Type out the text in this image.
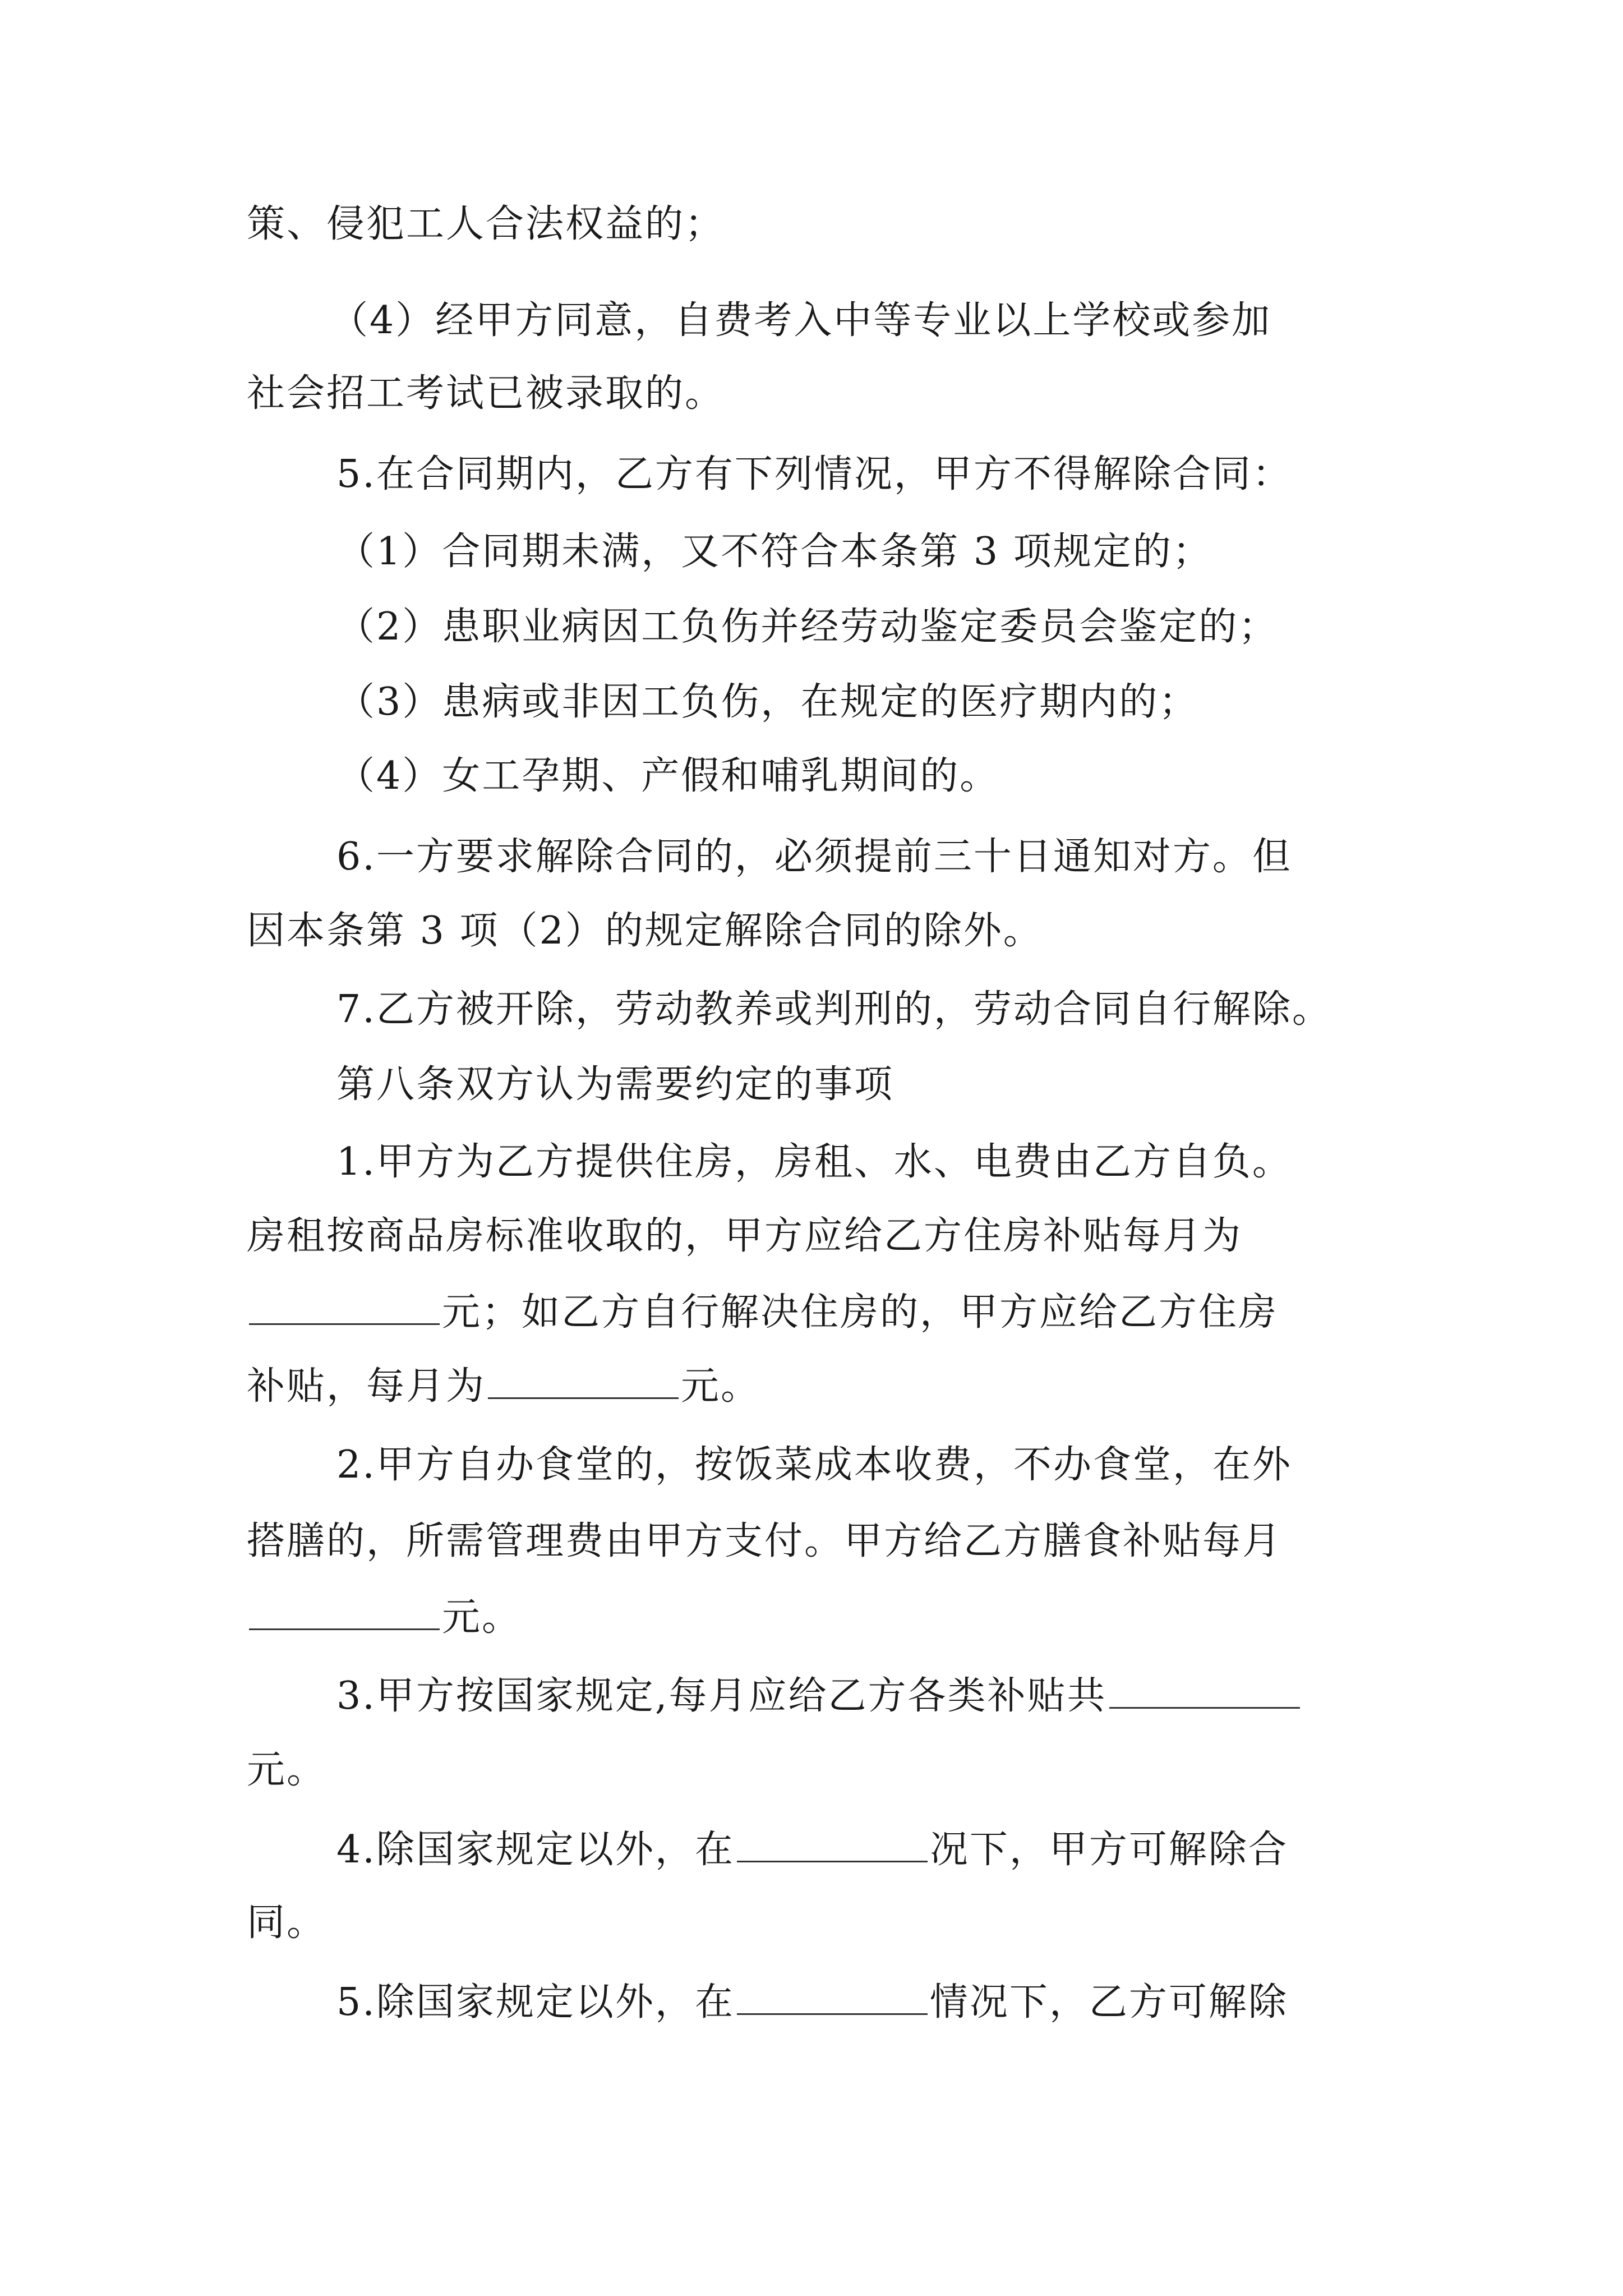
策、侵犯工人合法权益的；

（4）经甲方同意，自费考入中等专业以上学校或参加

社会招工考试已被录取的。

5.在合同期内，乙方有下列情况，甲方不得解除合同：

（1）合同期未满，又不符合本条第 3 项规定的；

（2）患职业病因工负伤并经劳动鉴定委员会鉴定的；

（3）患病或非因工负伤，在规定的医疗期内的；

（4）女工孕期、产假和哺乳期间的。

6.一方要求解除合同的，必须提前三十日通知对方。但

因本条第 3 项（2）的规定解除合同的除外。

7.乙方被开除，劳动教养或判刑的，劳动合同自行解除。

第八条双方认为需要约定的事项

1.甲方为乙方提供住房，房租、水、电费由乙方自负。

房租按商品房标准收取的，甲方应给乙方住房补贴每月为

元；如乙方自行解决住房的，甲方应给乙方住房

补贴，每月为	元。

2.甲方自办食堂的，按饭菜成本收费，不办食堂，在外

搭膳的，所需管理费由甲方支付。甲方给乙方膳食补贴每月

元。

3.甲方按国家规定,每月应给乙方各类补贴共

元。

4.除国家规定以外，在	况下，甲方可解除合

同。

5.除国家规定以外，在	情况下，乙方可解除
